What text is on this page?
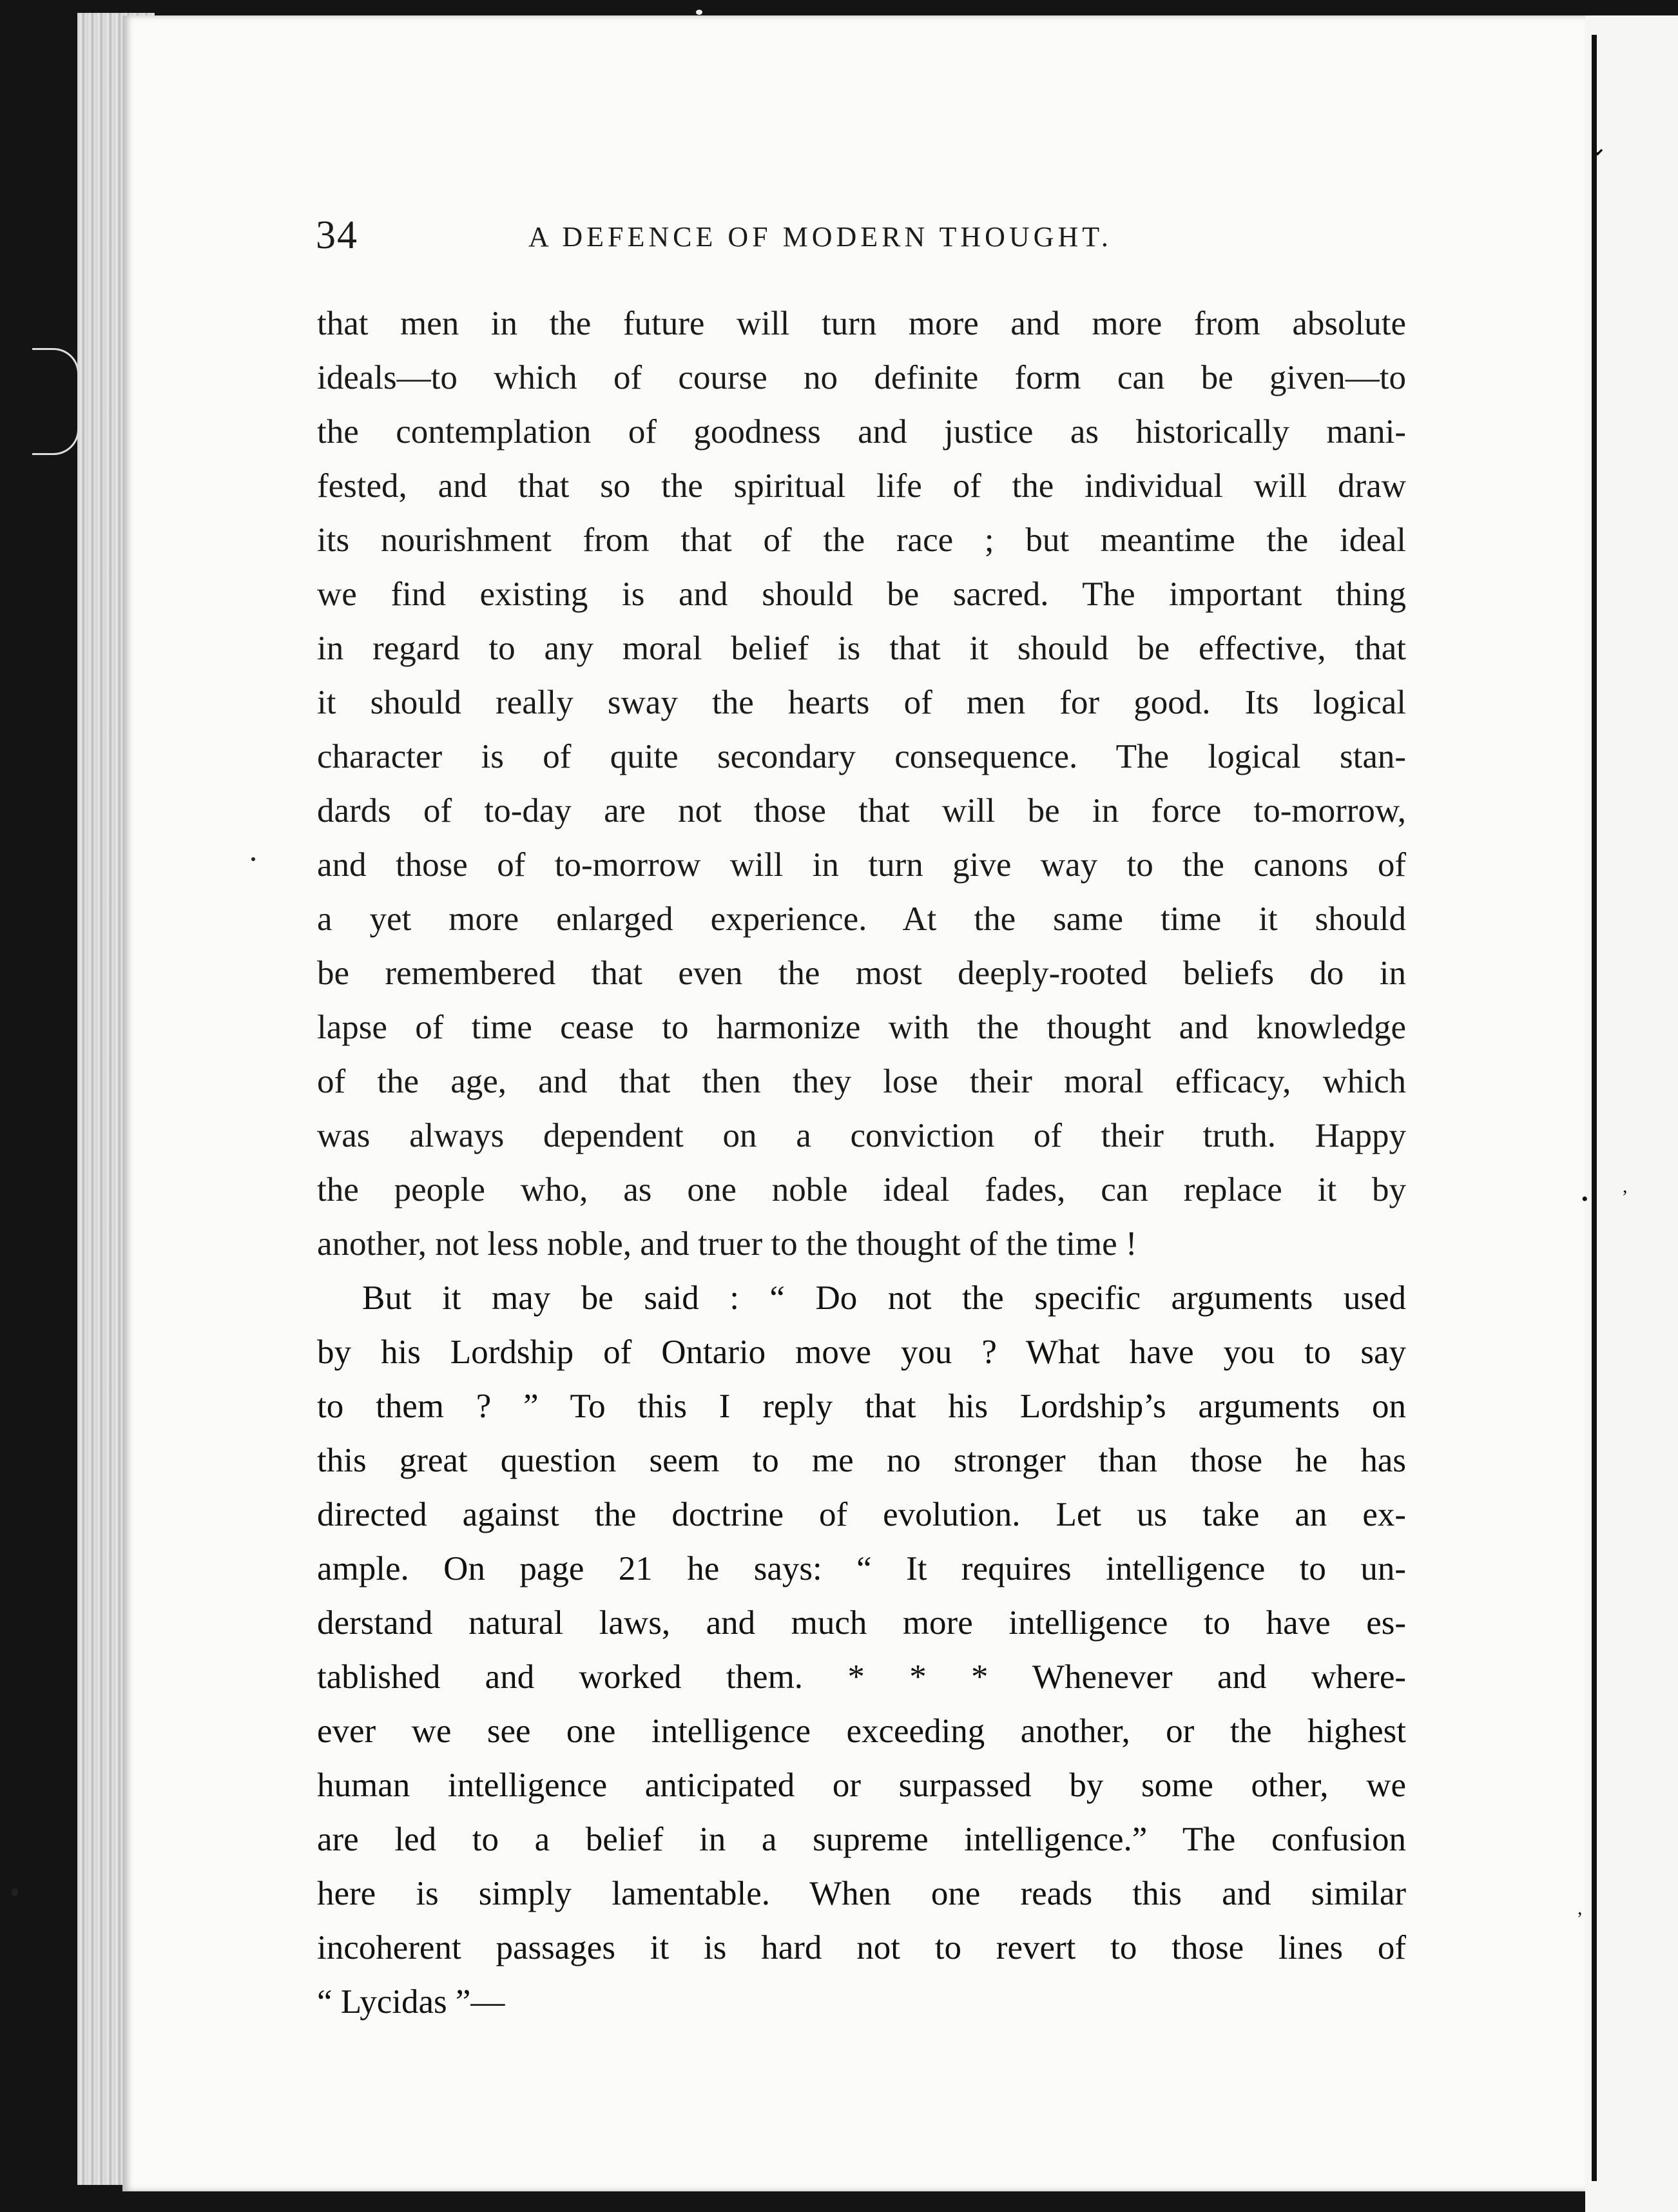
⌄
•
,
,
34	A DEFENCE OF MODERN THOUGHT.
that men in the future will turn more and more from absolute
ideals—to which of course no definite form can be given—to
the contemplation of goodness and justice as historically mani-
fested, and that so the spiritual life of the individual will draw
its nourishment from that of the race ; but meantime the ideal
we find existing is and should be sacred. The important thing
in regard to any moral belief is that it should be effective, that
it should really sway the hearts of men for good. Its logical
character is of quite secondary consequence. The logical stan-
dards of to-day are not those that will be in force to-morrow,
and those of to-morrow will in turn give way to the canons of
a yet more enlarged experience. At the same time it should
be remembered that even the most deeply-rooted beliefs do in
lapse of time cease to harmonize with the thought and knowledge
of the age, and that then they lose their moral efficacy, which
was always dependent on a conviction of their truth. Happy
the people who, as one noble ideal fades, can replace it by
another, not less noble, and truer to the thought of the time !
But it may be said : “ Do not the specific arguments used
by his Lordship of Ontario move you ? What have you to say
to them ? ” To this I reply that his Lordship’s arguments on
this great question seem to me no stronger than those he has
directed against the doctrine of evolution. Let us take an ex-
ample. On page 21 he says: “ It requires intelligence to un-
derstand natural laws, and much more intelligence to have es-
tablished and worked them. * * * Whenever and where-
ever we see one intelligence exceeding another, or the highest
human intelligence anticipated or surpassed by some other, we
are led to a belief in a supreme intelligence.” The confusion
here is simply lamentable. When one reads this and similar
incoherent passages it is hard not to revert to those lines of
“ Lycidas ”—
